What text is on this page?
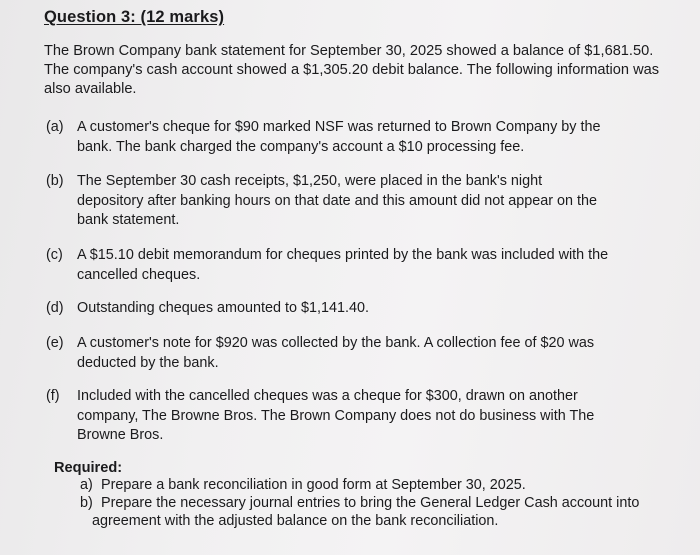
Question 3: (12 marks)
The Brown Company bank statement for September 30, 2025 showed a balance of $1,681.50.
The company's cash account showed a $1,305.20 debit balance. The following information was
also available.
(a) A customer's cheque for $90 marked NSF was returned to Brown Company by the
bank. The bank charged the company's account a $10 processing fee.
(b) The September 30 cash receipts, $1,250, were placed in the bank's night
depository after banking hours on that date and this amount did not appear on the
bank statement.
(c) A $15.10 debit memorandum for cheques printed by the bank was included with the
cancelled cheques.
(d) Outstanding cheques amounted to $1,141.40.
(e) A customer's note for $920 was collected by the bank. A collection fee of $20 was
deducted by the bank.
(f)	Included with the cancelled cheques was a cheque for $300, drawn on another
company, The Browne Bros. The Brown Company does not do business with The
Browne Bros.
Required:
a) Prepare a bank reconciliation in good form at September 30, 2025.
b) Prepare the necessary journal entries to bring the General Ledger Cash account into
agreement with the adjusted balance on the bank reconciliation.
